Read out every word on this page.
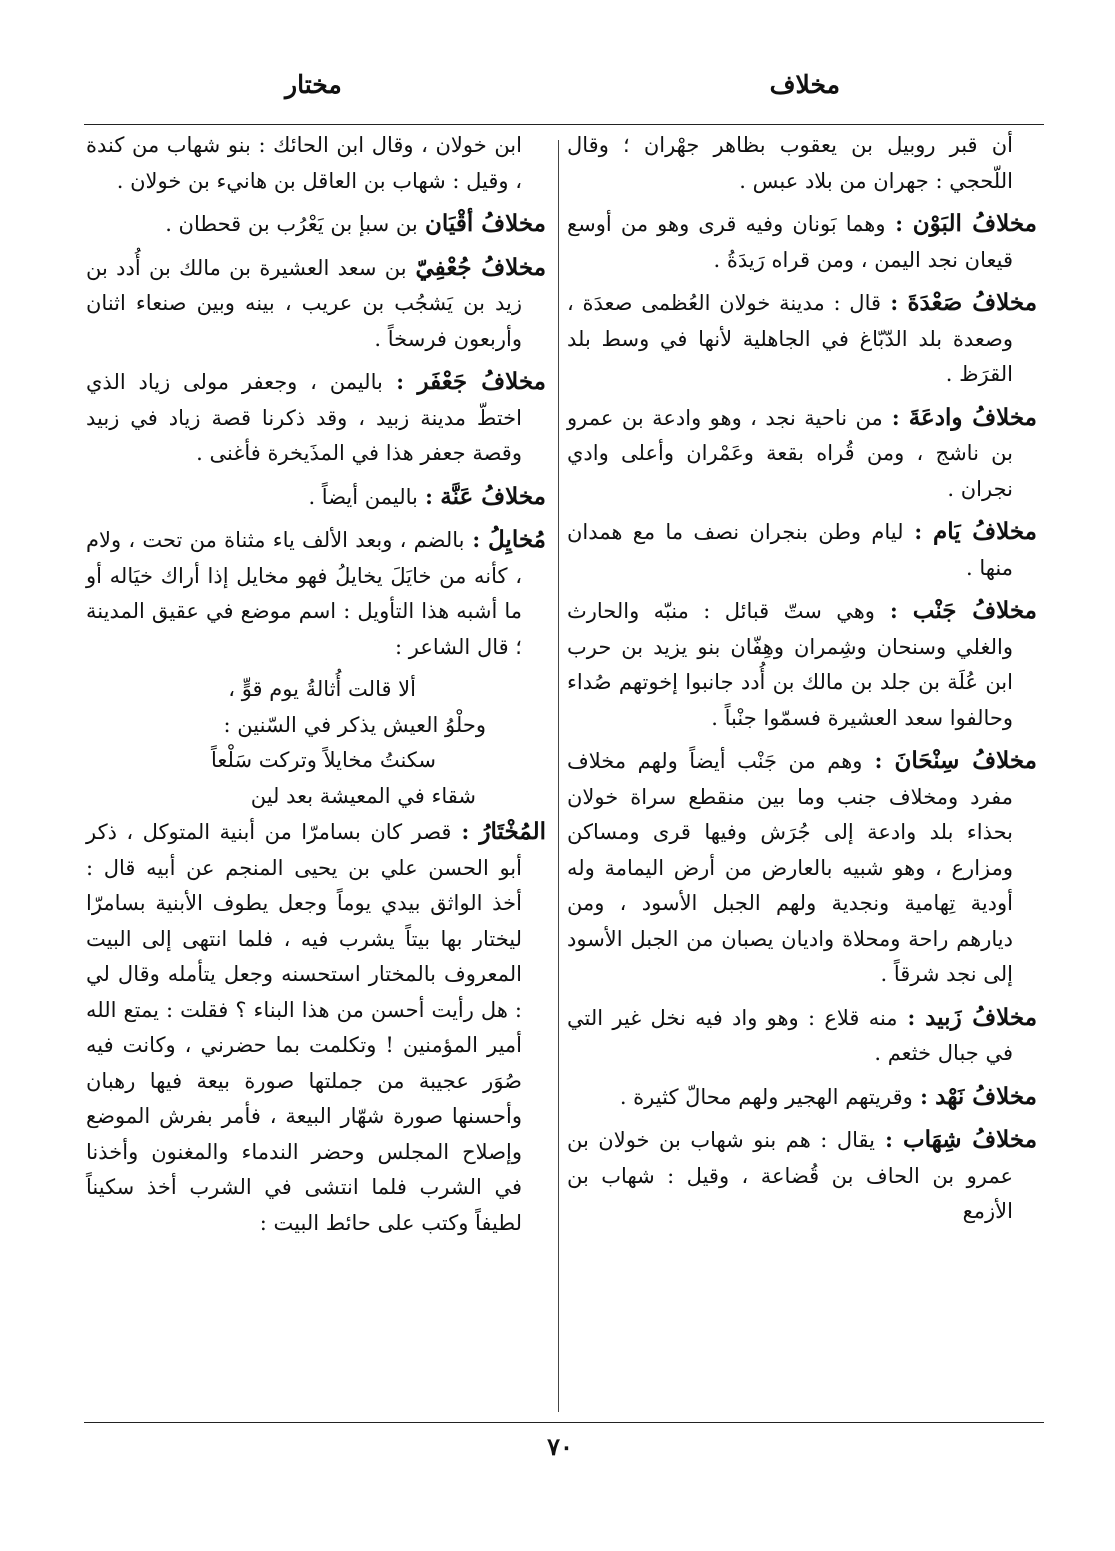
مخلاف
مختار

أن قبر روبيل بن يعقوب بظاهر جهْران ؛ وقال اللّحجي : جهران من بلاد عبس .

مخلافُ البَوْن : وهما بَونان وفيه قرى وهو من أوسع قيعان نجد اليمن ، ومن قراه رَيدَةُ .

مخلافُ صَعْدَةَ : قال : مدينة خولان العُظمى صعدَة ، وصعدة بلد الدّبّاغ في الجاهلية لأنها في وسط بلد القرَظ .

مخلافُ وادعَةَ : من ناحية نجد ، وهو وادعة بن عمرو بن ناشج ، ومن قُراه بقعة وعَمْران وأعلى وادي نجران .

مخلافُ يَام : ليام وطن بنجران نصف ما مع همدان منها .

مخلافُ جَنْب : وهي ستّ قبائل : منبّه والحارث والغلي وسنحان وشِمران وهِفّان بنو يزيد بن حرب ابن عُلَة بن جلد بن مالك بن أُدد جانبوا إخوتهم صُداء وحالفوا سعد العشيرة فسمّوا جنْباً .

مخلافُ سِنْحَانَ : وهم من جَنْب أيضاً ولهم مخلاف مفرد ومخلاف جنب وما بين منقطع سراة خولان بحذاء بلد وادعة إلى جُرَش وفيها قرى ومساكن ومزارع ، وهو شبيه بالعارض من أرض اليمامة وله أودية تِهامية ونجدية ولهم الجبل الأسود ، ومن ديارهم راحة ومحلاة واديان يصبان من الجبل الأسود إلى نجد شرقاً .

مخلافُ زَبيد : منه قلاع : وهو واد فيه نخل غير التي في جبال خثعم .

مخلافُ نَهْد : وقريتهم الهجير ولهم محالّ كثيرة .

مخلافُ شِهَاب : يقال : هم بنو شهاب بن خولان بن عمرو بن الحاف بن قُضاعة ، وقيل : شهاب بن الأزمع

ابن خولان ، وقال ابن الحائك : بنو شهاب من كندة ، وقيل : شهاب بن العاقل بن هانيء بن خولان .

مخلافُ أقْيَان بن سبإ بن يَعْرُب بن قحطان .

مخلافُ جُعْفِيّ بن سعد العشيرة بن مالك بن أُدد بن زيد بن يَشجُب بن عريب ، بينه وبين صنعاء اثنان وأربعون فرسخاً .

مخلافُ جَعْفَر : باليمن ، وجعفر مولى زياد الذي اختطّ مدينة زبيد ، وقد ذكرنا قصة زياد في زبيد وقصة جعفر هذا في المذَيخرة فأغنى .

مخلافُ عَنَّة : باليمن أيضاً .

مُخايِلُ : بالضم ، وبعد الألف ياء مثناة من تحت ، ولام ، كأنه من خايَلَ يخايلُ فهو مخايل إذا أراك خيَاله أو ما أشبه هذا التأويل : اسم موضع في عقيق المدينة ؛ قال الشاعر :

ألا قالت أُثالةُ يوم قوٍّ ،

وحلْوُ العيش يذكر في السّنين :

سكنتُ مخايلاً وتركت سَلْعاً

شقاء في المعيشة بعد لين

المُخْتَارُ : قصر كان بسامرّا من أبنية المتوكل ، ذكر أبو الحسن علي بن يحيى المنجم عن أبيه قال : أخذ الواثق بيدي يوماً وجعل يطوف الأبنية بسامرّا ليختار بها بيتاً يشرب فيه ، فلما انتهى إلى البيت المعروف بالمختار استحسنه وجعل يتأمله وقال لي : هل رأيت أحسن من هذا البناء ؟ فقلت : يمتع الله أمير المؤمنين ! وتكلمت بما حضرني ، وكانت فيه صُوَر عجيبة من جملتها صورة بيعة فيها رهبان وأحسنها صورة شهّار البيعة ، فأمر بفرش الموضع وإصلاح المجلس وحضر الندماء والمغنون وأخذنا في الشرب فلما انتشى في الشرب أخذ سكيناً لطيفاً وكتب على حائط البيت :

٧٠
